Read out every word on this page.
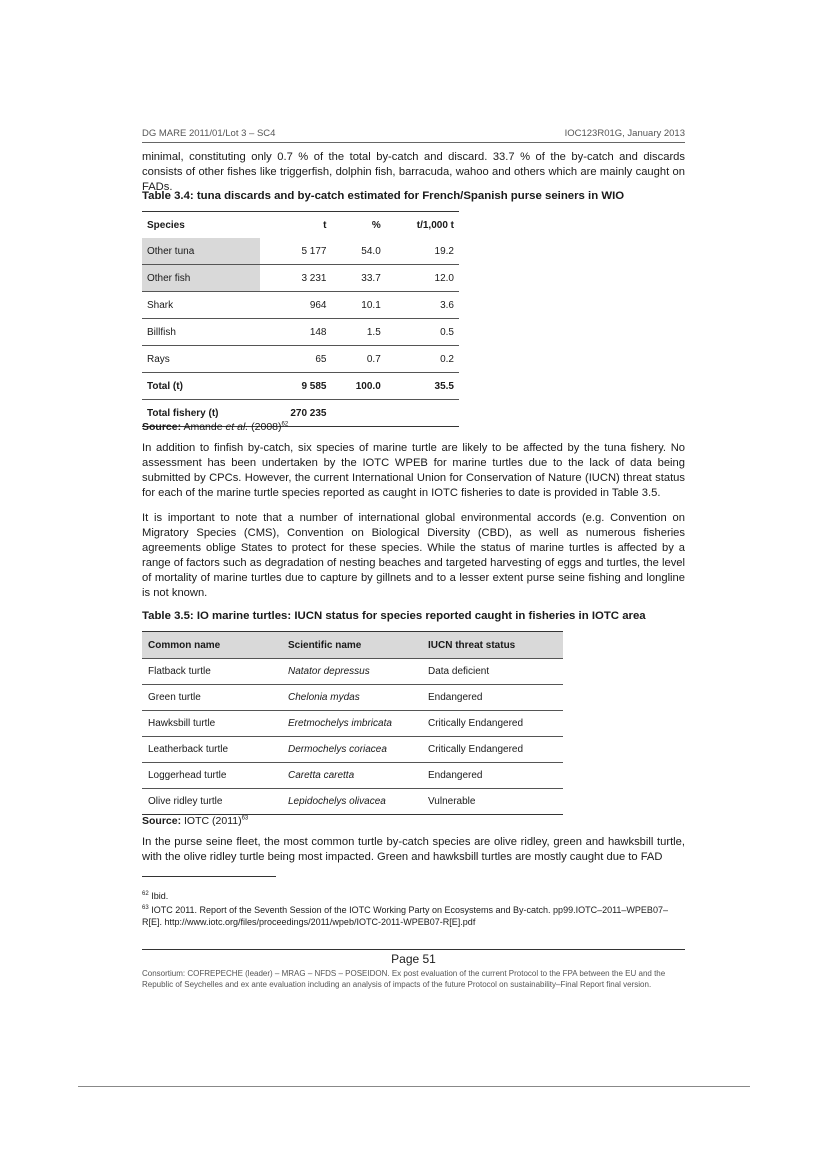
DG MARE 2011/01/Lot 3 – SC4	IOC123R01G, January 2013

minimal, constituting only 0.7 % of the total by-catch and discard. 33.7 % of the by-catch and discards consists of other fishes like triggerfish, dolphin fish, barracuda, wahoo and others which are mainly caught on FADs.

Table 3.4: tuna discards and by-catch estimated for French/Spanish purse seiners in WIO

Species	t	%	t/1,000 t
Other tuna	5 177	54.0	19.2
Other fish	3 231	33.7	12.0
Shark	964	10.1	3.6
Billfish	148	1.5	0.5
Rays	65	0.7	0.2
Total (t)	9 585	100.0	35.5
Total fishery (t)	270 235		

Source: Amande et al. $(2008)^{62}$

In addition to finfish by-catch, six species of marine turtle are likely to be affected by the tuna fishery. No assessment has been undertaken by the IOTC WPEB for marine turtles due to the lack of data being submitted by CPCs. However, the current International Union for Conservation of Nature (IUCN) threat status for each of the marine turtle species reported as caught in IOTC fisheries to date is provided in Table 3.5.

It is important to note that a number of international global environmental accords (e.g. Convention on Migratory Species (CMS), Convention on Biological Diversity (CBD), as well as numerous fisheries agreements oblige States to protect for these species. While the status of marine turtles is affected by a range of factors such as degradation of nesting beaches and targeted harvesting of eggs and turtles, the level of mortality of marine turtles due to capture by gillnets and to a lesser extent purse seine fishing and longline is not known.

Table 3.5: IO marine turtles: IUCN status for species reported caught in fisheries in IOTC area

Common name	Scientific name	IUCN threat status
Flatback turtle	Natator depressus	Data deficient
Green turtle	Chelonia mydas	Endangered
Hawksbill turtle	Eretmochelys imbricata	Critically Endangered
Leatherback turtle	Dermochelys coriacea	Critically Endangered
Loggerhead turtle	Caretta caretta	Endangered
Olive ridley turtle	Lepidochelys olivacea	Vulnerable

Source: IOTC $(2011)^{63}$

In the purse seine fleet, the most common turtle by-catch species are olive ridley, green and hawksbill turtle, with the olive ridley turtle being most impacted. Green and hawksbill turtles are mostly caught due to FAD

$^{62}$ Ibid.

$^{63}$ IOTC 2011. Report of the Seventh Session of the IOTC Working Party on Ecosystems and By-catch. pp99.IOTC–2011–WPEB07–R[E]. http://www.iotc.org/files/proceedings/2011/wpeb/IOTC-2011-WPEB07-R[E].pdf

Page 51

Consortium: COFREPECHE (leader) – MRAG – NFDS – POSEIDON. Ex post evaluation of the current Protocol to the FPA between the EU and the Republic of Seychelles and ex ante evaluation including an analysis of impacts of the future Protocol on sustainability–Final Report final version.
